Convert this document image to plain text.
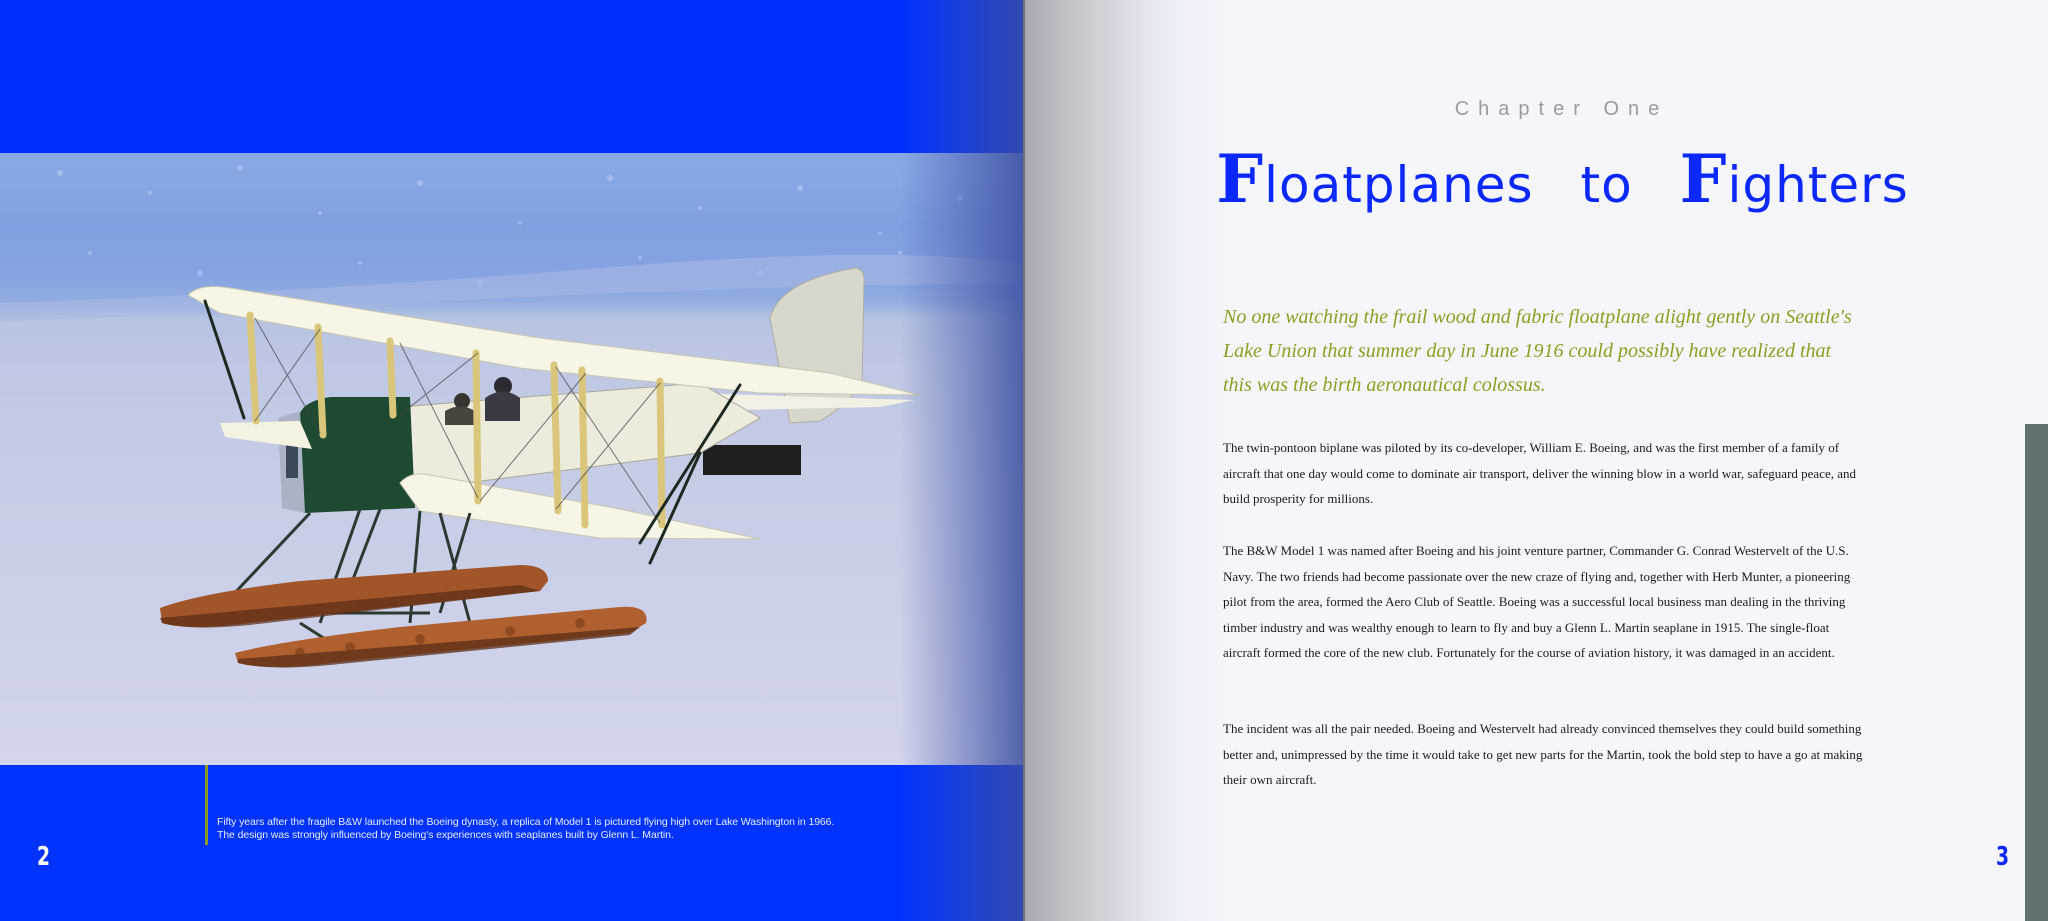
Fifty years after the fragile B&W launched the Boeing dynasty, a replica of Model 1 is pictured flying high over Lake Washington in 1966. The design was strongly influenced by Boeing's experiences with seaplanes built by Glenn L. Martin.

2
Chapter One
Floatplanes to Fighters

No one watching the frail wood and fabric floatplane alight gently on Seattle's Lake Union that summer day in June 1916 could possibly have realized that this was the birth aeronautical colossus.

The twin-pontoon biplane was piloted by its co-developer, William E. Boeing, and was the first member of a family of aircraft that one day would come to dominate air transport, deliver the winning blow in a world war, safeguard peace, and build prosperity for millions.

The B&W Model 1 was named after Boeing and his joint venture partner, Commander G. Conrad Westervelt of the U.S. Navy. The two friends had become passionate over the new craze of flying and, together with Herb Munter, a pioneering pilot from the area, formed the Aero Club of Seattle. Boeing was a successful local business man dealing in the thriving timber industry and was wealthy enough to learn to fly and buy a Glenn L. Martin seaplane in 1915. The single-float aircraft formed the core of the new club. Fortunately for the course of aviation history, it was damaged in an accident.

The incident was all the pair needed. Boeing and Westervelt had already convinced themselves they could build something better and, unimpressed by the time it would take to get new parts for the Martin, took the bold step to have a go at making their own aircraft.

3
